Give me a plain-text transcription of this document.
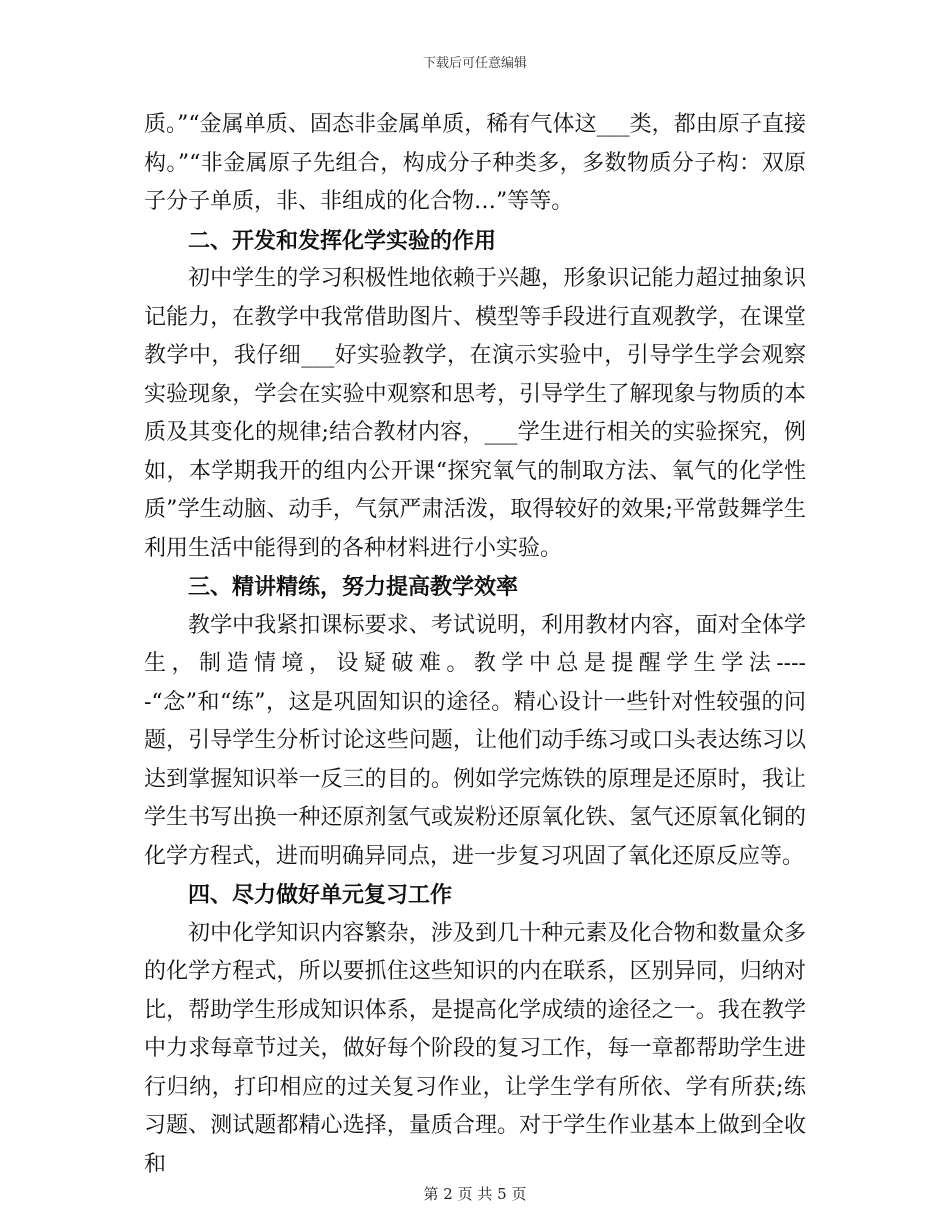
下载后可任意编辑

质。”“金属单质、固态非金属单质，稀有气体这___类，都由原子直接构。”“非金属原子先组合，构成分子种类多，多数物质分子构：双原子分子单质，非、非组成的化合物…”等等。

二、开发和发挥化学实验的作用

初中学生的学习积极性地依赖于兴趣，形象识记能力超过抽象识记能力，在教学中我常借助图片、模型等手段进行直观教学，在课堂教学中，我仔细___好实验教学，在演示实验中，引导学生学会观察实验现象，学会在实验中观察和思考，引导学生了解现象与物质的本质及其变化的规律;结合教材内容，___学生进行相关的实验探究，例如，本学期我开的组内公开课“探究氧气的制取方法、氧气的化学性质”学生动脑、动手，气氛严肃活泼，取得较好的效果;平常鼓舞学生利用生活中能得到的各种材料进行小实验。

三、精讲精练，努力提高教学效率

教学中我紧扣课标要求、考试说明，利用教材内容，面对全体学生，制造情境，设疑破难。教学中总是提醒学生学法-----“念”和“练”，这是巩固知识的途径。精心设计一些针对性较强的问题，引导学生分析讨论这些问题，让他们动手练习或口头表达练习以达到掌握知识举一反三的目的。例如学完炼铁的原理是还原时，我让学生书写出换一种还原剂氢气或炭粉还原氧化铁、氢气还原氧化铜的化学方程式，进而明确异同点，进一步复习巩固了氧化还原反应等。

四、尽力做好单元复习工作

初中化学知识内容繁杂，涉及到几十种元素及化合物和数量众多的化学方程式，所以要抓住这些知识的内在联系，区别异同，归纳对比，帮助学生形成知识体系，是提高化学成绩的途径之一。我在教学中力求每章节过关，做好每个阶段的复习工作，每一章都帮助学生进行归纳，打印相应的过关复习作业，让学生学有所依、学有所获;练习题、测试题都精心选择，量质合理。对于学生作业基本上做到全收和

第 2 页 共 5 页
